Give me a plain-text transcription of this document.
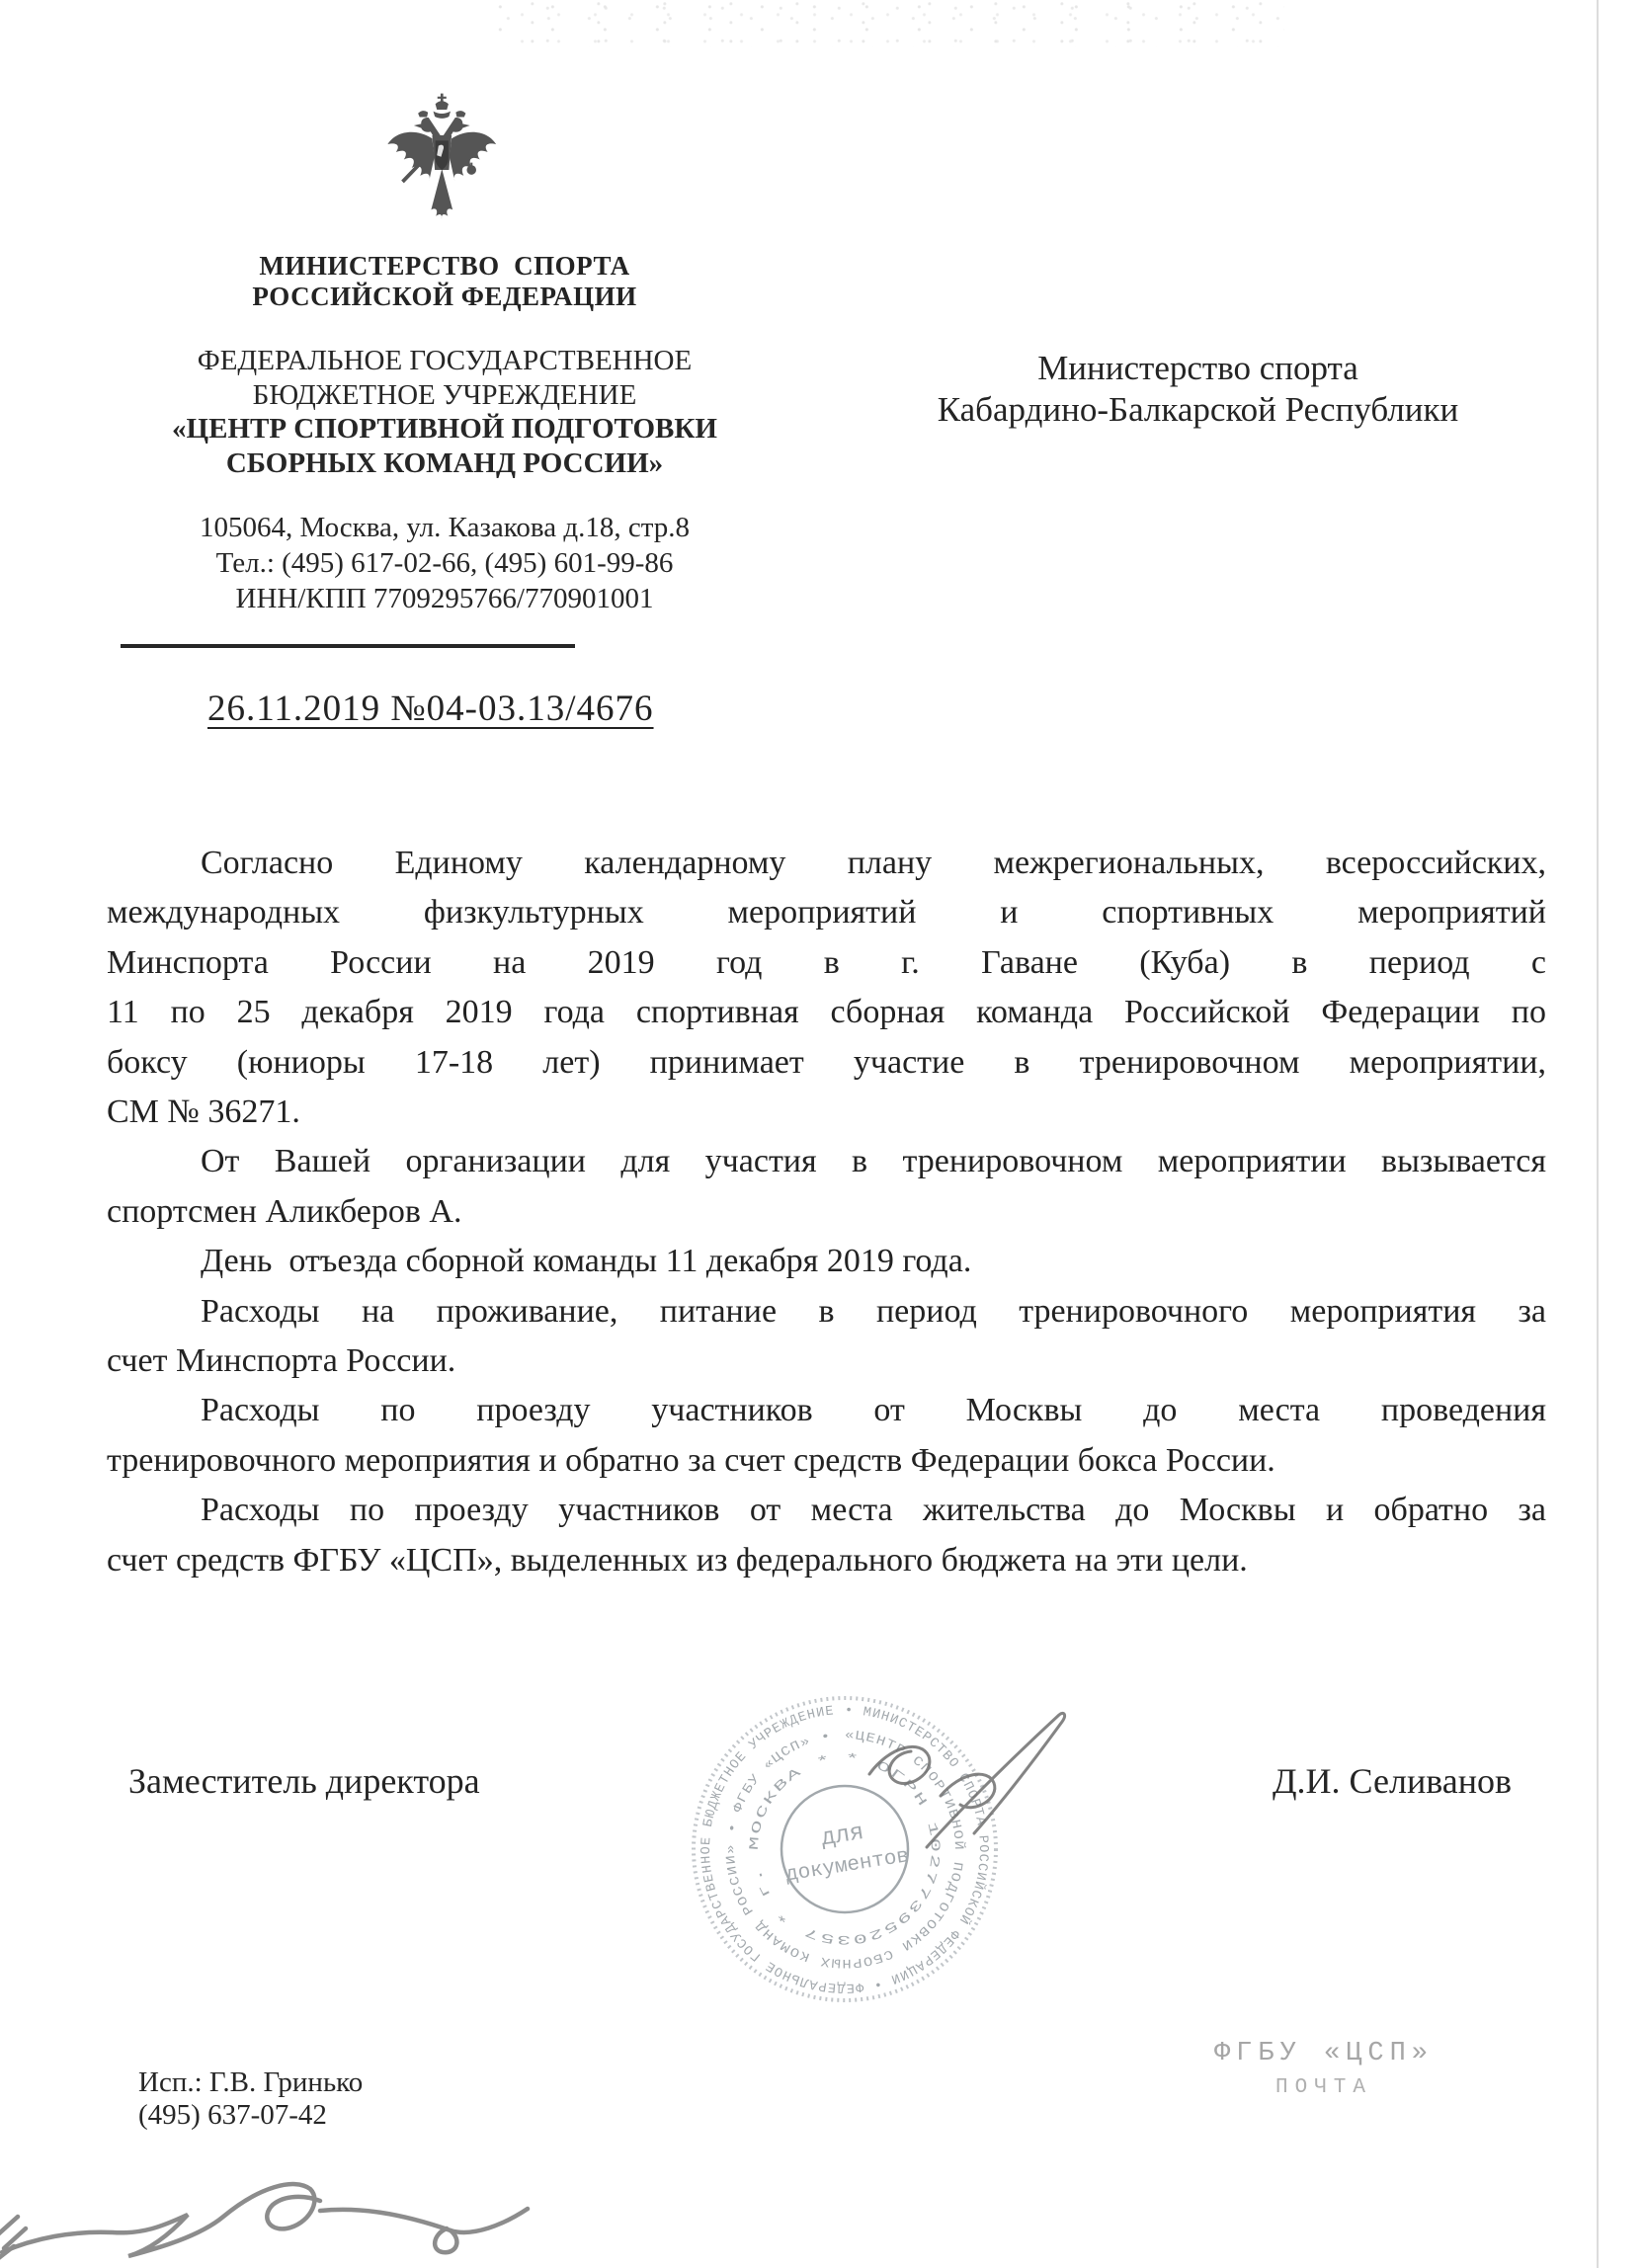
МИНИСТЕРСТВО  СПОРТА
РОССИЙСКОЙ ФЕДЕРАЦИИ
ФЕДЕРАЛЬНОЕ ГОСУДАРСТВЕННОЕ
БЮДЖЕТНОЕ УЧРЕЖДЕНИЕ
«ЦЕНТР СПОРТИВНОЙ ПОДГОТОВКИ
СБОРНЫХ КОМАНД РОССИИ»
105064, Москва, ул. Казакова д.18, стр.8
Тел.: (495) 617-02-66, (495) 601-99-86
ИНН/КПП 7709295766/770901001
Министерство спорта
Кабардино-Балкарской Республики
26.11.2019 №04-03.13/4676
Согласно Единому календарному плану межрегиональных, всероссийских,
международных физкультурных мероприятий и спортивных мероприятий
Минспорта России на 2019 год в г. Гаване (Куба) в период с
11 по 25 декабря 2019 года спортивная сборная команда Российской Федерации по
боксу (юниоры 17-18 лет) принимает участие в тренировочном мероприятии,
СМ № 36271.
От Вашей организации для участия в тренировочном мероприятии вызывается
спортсмен Аликберов А.
День  отъезда сборной команды 11 декабря 2019 года.
Расходы на проживание, питание в период тренировочного мероприятия за
счет Минспорта России.
Расходы по проезду участников от Москвы до места проведения
тренировочного мероприятия и обратно за счет средств Федерации бокса России.
Расходы по проезду участников от места жительства до Москвы и обратно за
счет средств ФГБУ «ЦСП», выделенных из федерального бюджета на эти цели.
Заместитель директора	Д.И. Селиванов
• МИНИСТЕРСТВО СПОРТА РОССИЙСКОЙ ФЕДЕРАЦИИ • ФЕДЕРАЛЬНОЕ ГОСУДАРСТВЕННОЕ БЮДЖЕТНОЕ УЧРЕЖДЕНИЕ
«ЦЕНТР СПОРТИВНОЙ ПОДГОТОВКИ СБОРНЫХ КОМАНД РОССИИ» • ФГБУ «ЦСП» •
* ОГРН 1027739520357 * г. МОСКВА *
для
документов
Исп.: Г.В. Гринько
(495) 637-07-42
ФГБУ «ЦСП»
ПОЧТА
